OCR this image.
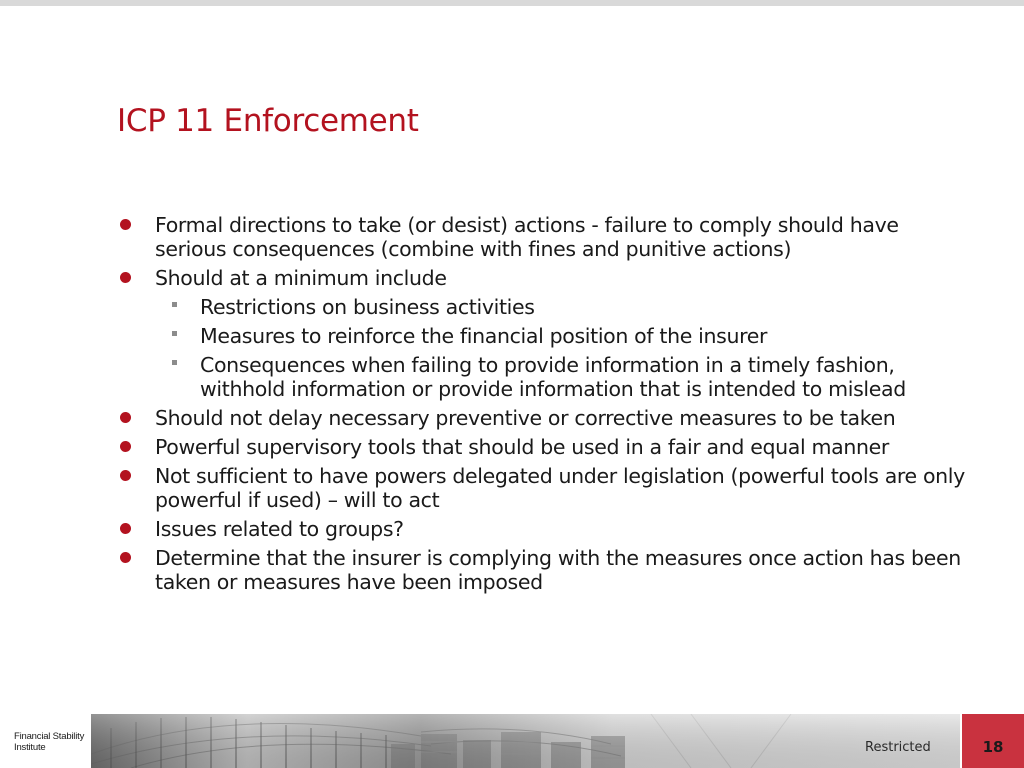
ICP 11 Enforcement
Formal directions to take (or desist) actions - failure to comply should have serious consequences (combine with fines and punitive actions)
Should at a minimum include
Restrictions on business activities
Measures to reinforce the financial position of the insurer
Consequences when failing to provide information in a timely fashion, withhold information or provide information that is intended to mislead
Should not delay necessary preventive or corrective measures to be taken
Powerful supervisory tools that should be used in a fair and equal manner
Not sufficient to have powers delegated under legislation (powerful tools are only powerful if used) – will to act
Issues related to groups?
Determine that the insurer is complying with the measures once action has been taken or measures have been imposed
Financial Stability
Institute	Restricted	18
